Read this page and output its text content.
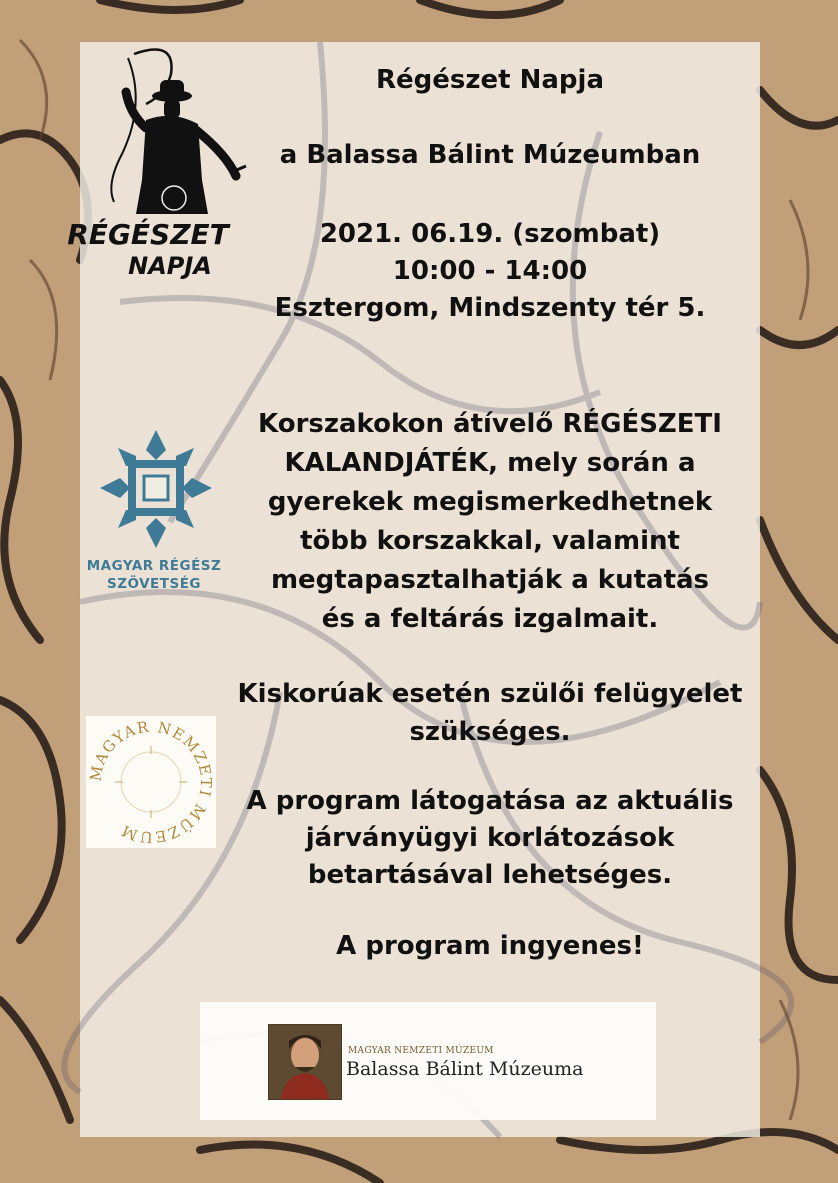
RÉGÉSZET
NAPJA
MAGYAR RÉGÉSZ
SZÖVETSÉG
MAGYAR NEMZETI MÚZEUM
Régészet Napja
a Balassa Bálint Múzeumban
2021. 06.19. (szombat)
10:00 - 14:00
Esztergom, Mindszenty tér 5.
Korszakokon átívelő RÉGÉSZETI
KALANDJÁTÉK, mely során a
gyerekek megismerkedhetnek
több korszakkal, valamint
megtapasztalhatják a kutatás
és a feltárás izgalmait.
Kiskorúak esetén szülői felügyelet
szükséges.
A program látogatása az aktuális
járványügyi korlátozások
betartásával lehetséges.
A program ingyenes!
MAGYAR NEMZETI MÚZEUM
Balassa Bálint Múzeuma
